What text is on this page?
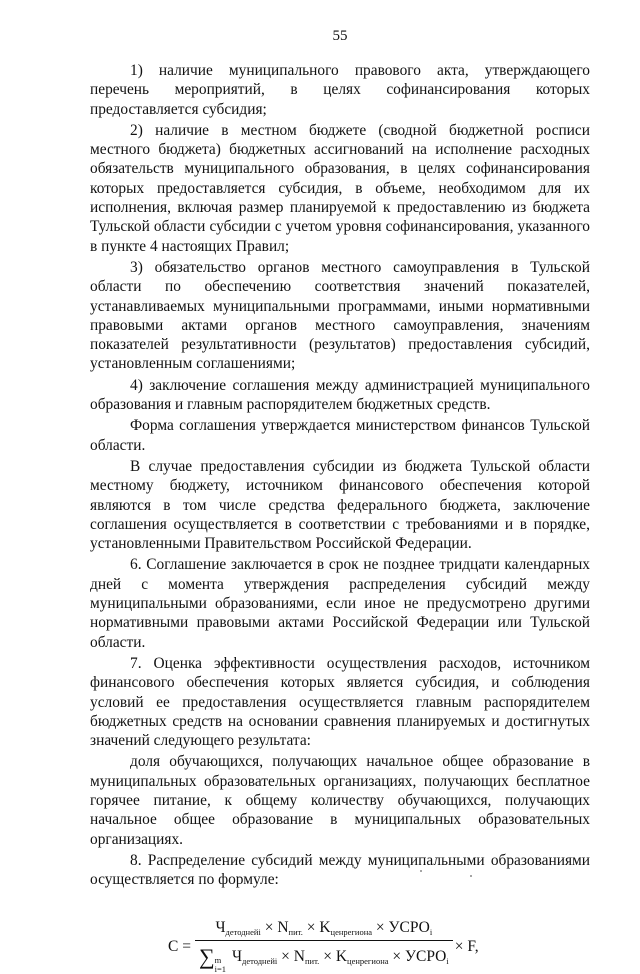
55

1) наличие муниципального правового акта, утверждающего перечень мероприятий, в целях софинансирования которых предоставляется субсидия;

2) наличие в местном бюджете (сводной бюджетной росписи местного бюджета) бюджетных ассигнований на исполнение расходных обязательств муниципального образования, в целях софинансирования которых предоставляется субсидия, в объеме, необходимом для их исполнения, включая размер планируемой к предоставлению из бюджета Тульской области субсидии с учетом уровня софинансирования, указанного в пункте 4 настоящих Правил;

3) обязательство органов местного самоуправления в Тульской области по обеспечению соответствия значений показателей, устанавливаемых муниципальными программами, иными нормативными правовыми актами органов местного самоуправления, значениям показателей результативности (результатов) предоставления субсидий, установленным соглашениями;

4) заключение соглашения между администрацией муниципального образования и главным распорядителем бюджетных средств.

Форма соглашения утверждается министерством финансов Тульской области.

В случае предоставления субсидии из бюджета Тульской области местному бюджету, источником финансового обеспечения которой являются в том числе средства федерального бюджета, заключение соглашения осуществляется в соответствии с требованиями и в порядке, установленными Правительством Российской Федерации.

6. Соглашение заключается в срок не позднее тридцати календарных дней с момента утверждения распределения субсидий между муниципальными образованиями, если иное не предусмотрено другими нормативными правовыми актами Российской Федерации или Тульской области.

7. Оценка эффективности осуществления расходов, источником финансового обеспечения которых является субсидия, и соблюдения условий ее предоставления осуществляется главным распорядителем бюджетных средств на основании сравнения планируемых и достигнутых значений следующего результата:

доля обучающихся, получающих начальное общее образование в муниципальных образовательных организациях, получающих бесплатное горячее питание, к общему количеству обучающихся, получающих начальное общее образование в муниципальных образовательных организациях.

8. Распределение субсидий между муниципальными образованиями осуществляется по формуле:

C =
$Ч_{детоднейi} \times N_{пит.} \times K_{ценрегиона}$ × $УСРО_i$
∑ m
i=1
$Ч_{детоднейi} \times N_{пит.} \times K_{ценрегиона}$ × $УСРО_i$
× F,
